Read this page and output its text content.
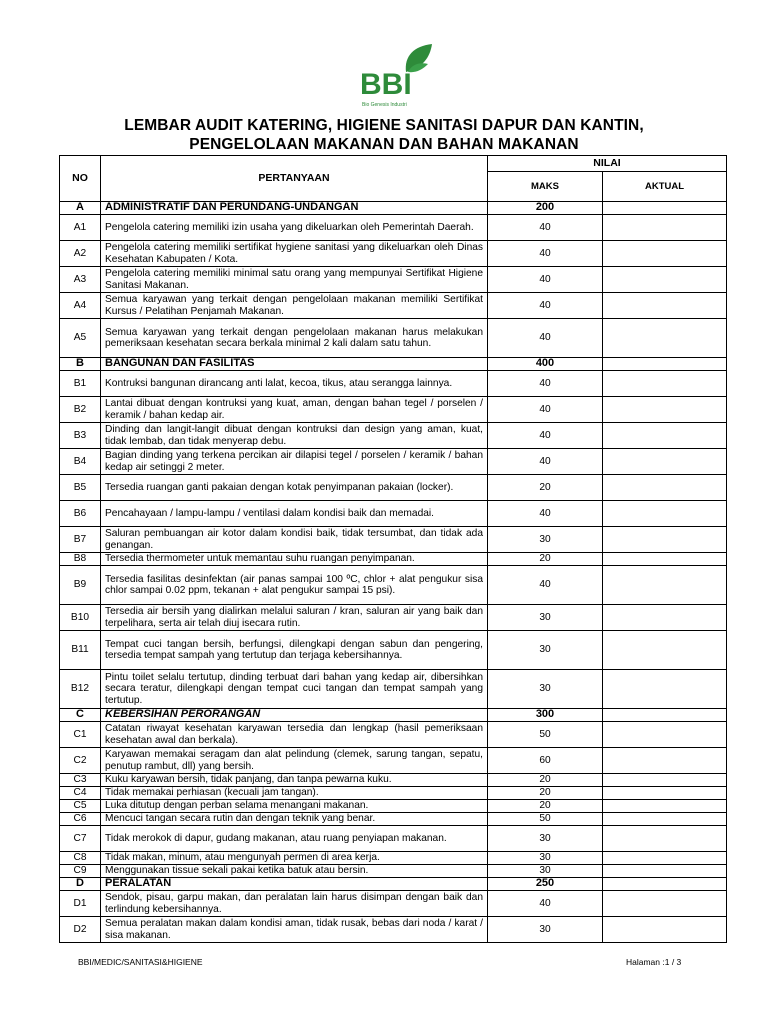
BBI
Bio Genesis Industri
LEMBAR AUDIT KATERING, HIGIENE SANITASI DAPUR DAN KANTIN,
PENGELOLAAN MAKANAN DAN BAHAN MAKANAN
NO	PERTANYAAN	NILAI	
		MAKS	AKTUAL
A	ADMINISTRATIF DAN PERUNDANG-UNDANGAN	200	
A1	Pengelola catering memiliki izin usaha yang dikeluarkan oleh Pemerintah Daerah.	40	
A2	Pengelola catering memiliki sertifikat hygiene sanitasi yang dikeluarkan oleh Dinas Kesehatan Kabupaten / Kota.	40	
A3	Pengelola catering memiliki minimal satu orang yang mempunyai Sertifikat Higiene Sanitasi Makanan.	40	
A4	Semua karyawan yang terkait dengan pengelolaan makanan memiliki Sertifikat Kursus / Pelatihan Penjamah Makanan.	40	
A5	Semua karyawan yang terkait dengan pengelolaan makanan harus melakukan pemeriksaan kesehatan secara berkala minimal 2 kali dalam satu tahun.	40	
B	BANGUNAN DAN FASILITAS	400	
B1	Kontruksi bangunan dirancang anti lalat, kecoa, tikus, atau serangga lainnya.	40	
B2	Lantai dibuat dengan kontruksi yang kuat, aman, dengan bahan tegel / porselen / keramik / bahan kedap air.	40	
B3	Dinding dan langit-langit dibuat dengan kontruksi dan design yang aman, kuat, tidak lembab, dan tidak menyerap debu.	40	
B4	Bagian dinding yang terkena percikan air dilapisi tegel / porselen / keramik / bahan kedap air setinggi 2 meter.	40	
B5	Tersedia ruangan ganti pakaian dengan kotak penyimpanan pakaian (locker).	20	
B6	Pencahayaan / lampu-lampu / ventilasi dalam kondisi baik dan memadai.	40	
B7	Saluran pembuangan air kotor dalam kondisi baik, tidak tersumbat, dan tidak ada genangan.	30	
B8	Tersedia thermometer untuk memantau suhu ruangan penyimpanan.	20	
B9	Tersedia fasilitas desinfektan (air panas sampai 100 ºC, chlor + alat pengukur sisa chlor sampai 0.02 ppm, tekanan + alat pengukur sampai 15 psi).	40	
B10	Tersedia air bersih yang dialirkan melalui saluran / kran, saluran air yang baik dan terpelihara, serta air telah diuj isecara rutin.	30	
B11	Tempat cuci tangan bersih, berfungsi, dilengkapi dengan sabun dan pengering, tersedia tempat sampah yang tertutup dan terjaga kebersihannya.	30	
B12	Pintu toilet selalu tertutup, dinding terbuat dari bahan yang kedap air, dibersihkan secara teratur, dilengkapi dengan tempat cuci tangan dan tempat sampah yang tertutup.	30	
C	KEBERSIHAN PERORANGAN	300	
C1	Catatan riwayat kesehatan karyawan tersedia dan lengkap (hasil pemeriksaan kesehatan awal dan berkala).	50	
C2	Karyawan memakai seragam dan alat pelindung (clemek, sarung tangan, sepatu, penutup rambut, dll) yang bersih.	60	
C3	Kuku karyawan bersih, tidak panjang, dan tanpa pewarna kuku.	20	
C4	Tidak memakai perhiasan (kecuali jam tangan).	20	
C5	Luka ditutup dengan perban selama menangani makanan.	20	
C6	Mencuci tangan secara rutin dan dengan teknik yang benar.	50	
C7	Tidak merokok di dapur, gudang makanan, atau ruang penyiapan makanan.	30	
C8	Tidak makan, minum, atau mengunyah permen di area kerja.	30	
C9	Menggunakan tissue sekali pakai ketika batuk atau bersin.	30	
D	PERALATAN	250	
D1	Sendok, pisau, garpu makan, dan peralatan lain harus disimpan dengan baik dan terlindung kebersihannya.	40	
D2	Semua peralatan makan dalam kondisi aman, tidak rusak, bebas dari noda / karat / sisa makanan.	30	
BBI/MEDIC/SANITASI&HIGIENE	Halaman :1 / 3
